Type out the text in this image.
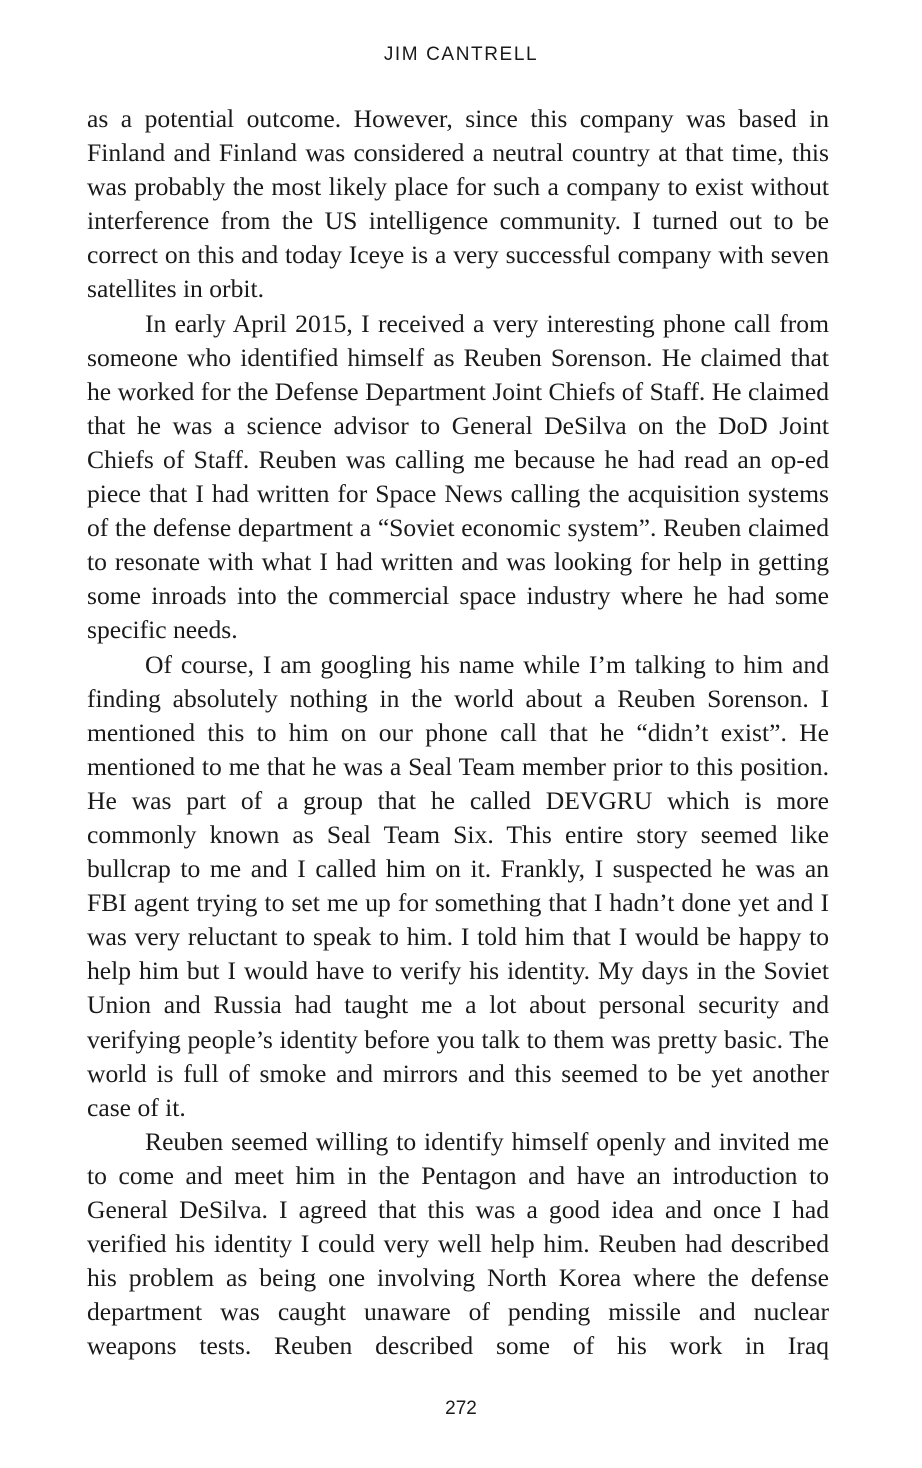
JIM CANTRELL

as a potential outcome. However, since this company was based in Finland and Finland was considered a neutral country at that time, this was probably the most likely place for such a company to exist without interference from the US intelligence community. I turned out to be correct on this and today Iceye is a very successful company with seven satellites in orbit.

In early April 2015, I received a very interesting phone call from someone who identified himself as Reuben Sorenson. He claimed that he worked for the Defense Department Joint Chiefs of Staff. He claimed that he was a science advisor to General DeSilva on the DoD Joint Chiefs of Staff. Reuben was calling me because he had read an op-ed piece that I had written for Space News calling the acquisition systems of the defense department a “Soviet economic system”. Reuben claimed to resonate with what I had written and was looking for help in getting some inroads into the commercial space industry where he had some specific needs.

Of course, I am googling his name while I’m talking to him and finding absolutely nothing in the world about a Reuben Sorenson. I mentioned this to him on our phone call that he “didn’t exist”. He mentioned to me that he was a Seal Team member prior to this position. He was part of a group that he called DEVGRU which is more commonly known as Seal Team Six. This entire story seemed like bullcrap to me and I called him on it. Frankly, I suspected he was an FBI agent trying to set me up for something that I hadn’t done yet and I was very reluctant to speak to him. I told him that I would be happy to help him but I would have to verify his identity. My days in the Soviet Union and Russia had taught me a lot about personal security and verifying people’s identity before you talk to them was pretty basic. The world is full of smoke and mirrors and this seemed to be yet another case of it.

Reuben seemed willing to identify himself openly and invited me to come and meet him in the Pentagon and have an introduction to General DeSilva. I agreed that this was a good idea and once I had verified his identity I could very well help him. Reuben had described his problem as being one involving North Korea where the defense department was caught unaware of pending missile and nuclear weapons tests. Reuben described some of his work in Iraq

272
